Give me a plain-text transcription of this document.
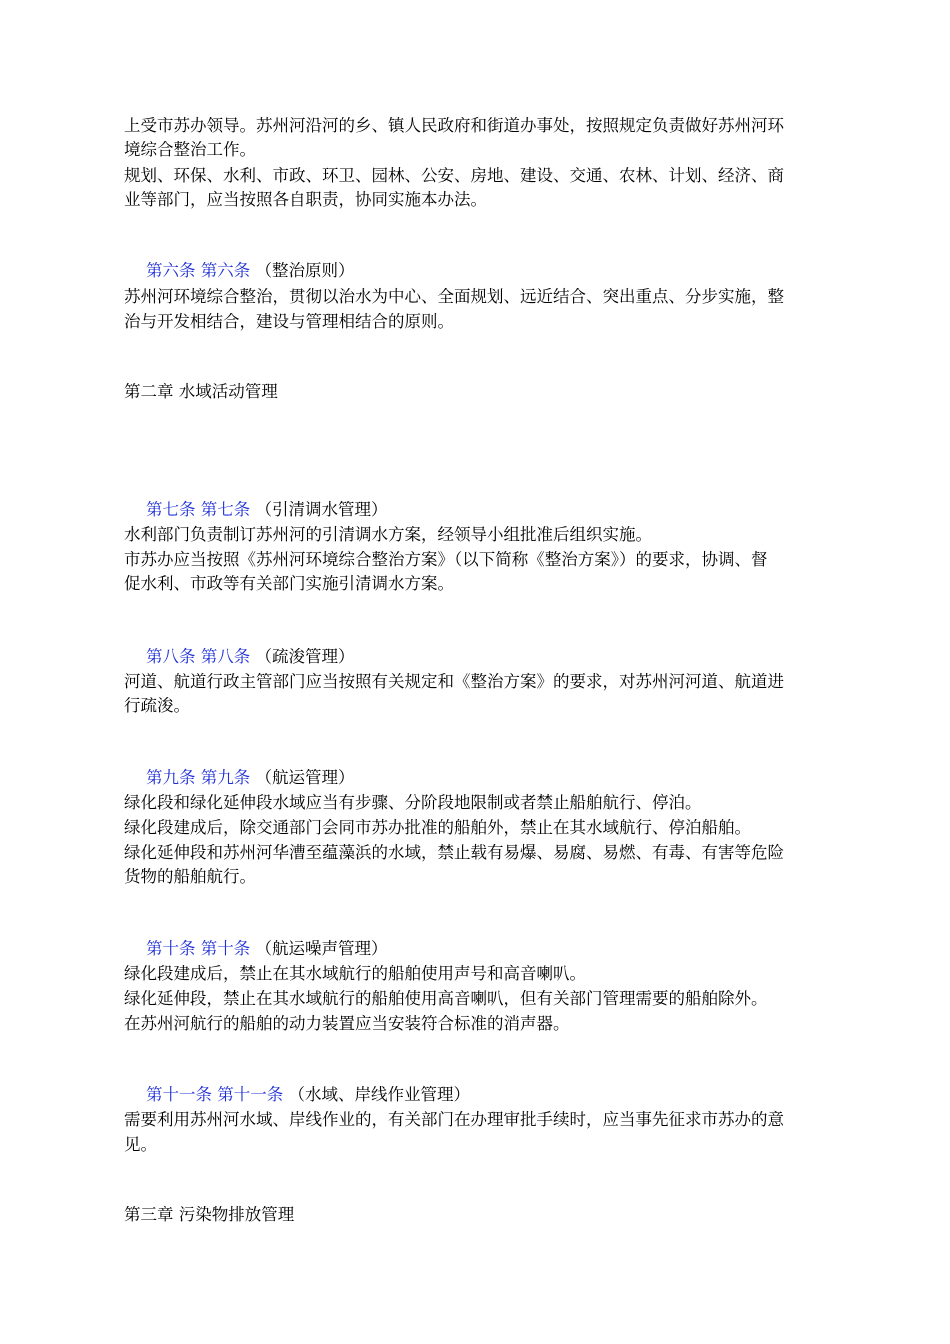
上受市苏办领导。苏州河沿河的乡、镇人民政府和街道办事处，按照规定负责做好苏州河环
境综合整治工作。
规划、环保、水利、市政、环卫、园林、公安、房地、建设、交通、农林、计划、经济、商
业等部门，应当按照各自职责，协同实施本办法。
第六条 第六条 （整治原则）
苏州河环境综合整治，贯彻以治水为中心、全面规划、远近结合、突出重点、分步实施，整
治与开发相结合，建设与管理相结合的原则。
第二章 水域活动管理
第七条 第七条 （引清调水管理）
水利部门负责制订苏州河的引清调水方案，经领导小组批准后组织实施。
市苏办应当按照《苏州河环境综合整治方案》（以下简称《整治方案》）的要求，协调、督
促水利、市政等有关部门实施引清调水方案。
第八条 第八条 （疏浚管理）
河道、航道行政主管部门应当按照有关规定和《整治方案》的要求，对苏州河河道、航道进
行疏浚。
第九条 第九条 （航运管理）
绿化段和绿化延伸段水域应当有步骤、分阶段地限制或者禁止船舶航行、停泊。
绿化段建成后，除交通部门会同市苏办批准的船舶外，禁止在其水域航行、停泊船舶。
绿化延伸段和苏州河华漕至蕴藻浜的水域，禁止载有易爆、易腐、易燃、有毒、有害等危险
货物的船舶航行。
第十条 第十条 （航运噪声管理）
绿化段建成后，禁止在其水域航行的船舶使用声号和高音喇叭。
绿化延伸段，禁止在其水域航行的船舶使用高音喇叭，但有关部门管理需要的船舶除外。
在苏州河航行的船舶的动力装置应当安装符合标准的消声器。
第十一条 第十一条 （水域、岸线作业管理）
需要利用苏州河水域、岸线作业的，有关部门在办理审批手续时，应当事先征求市苏办的意
见。
第三章 污染物排放管理
